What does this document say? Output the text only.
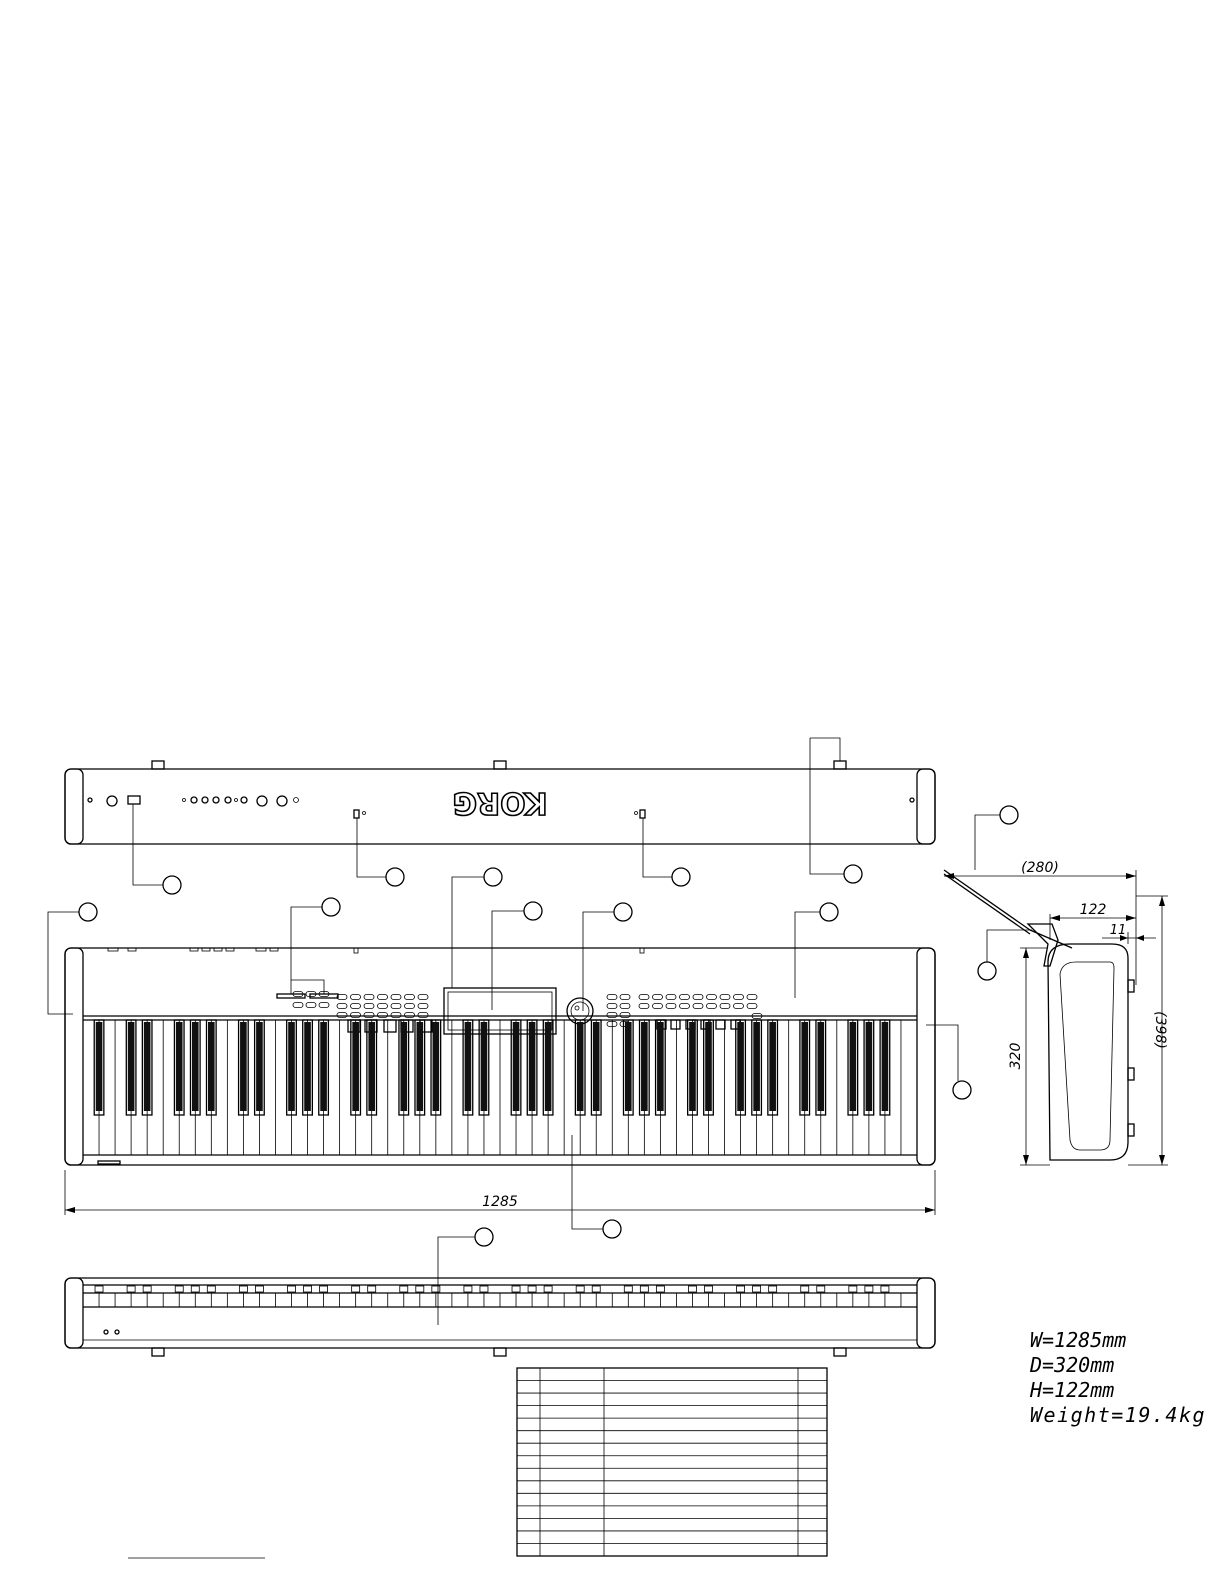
KORG
1285
(280)
122
11
320
(398)
W=1285mm
D=320mm
H=122mm
Weight=19.4kg
